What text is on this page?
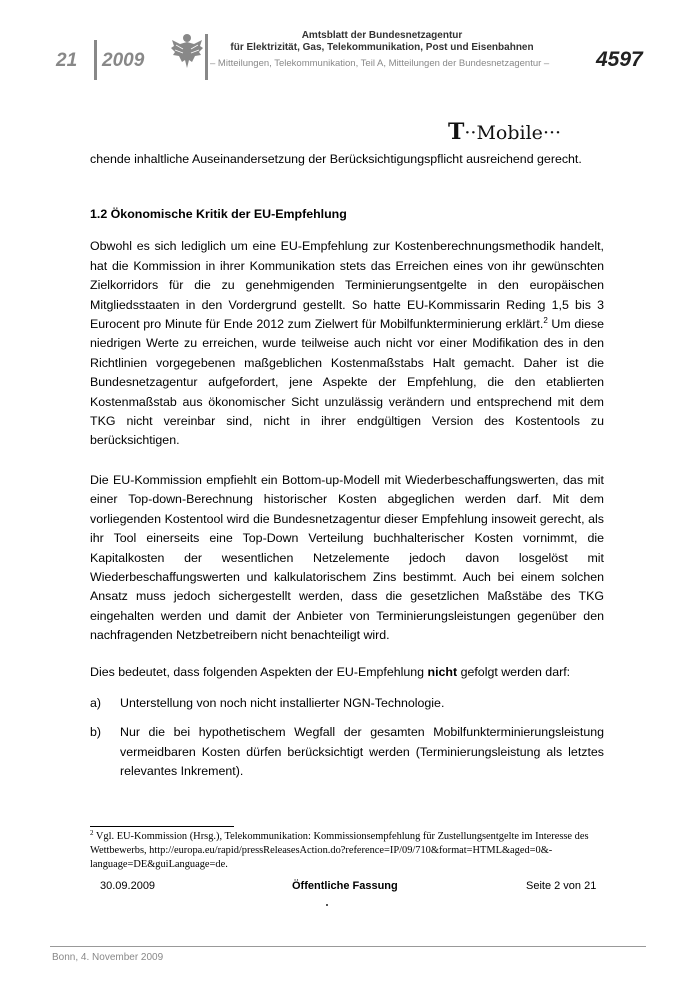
21 2009
Amtsblatt der Bundesnetzagentur
für Elektrizität, Gas, Telekommunikation, Post und Eisenbahnen
– Mitteilungen, Telekommunikation, Teil A, Mitteilungen der Bundesnetzagentur –	4597
T··Mobile···

chende inhaltliche Auseinandersetzung der Berücksichtigungspflicht ausreichend gerecht.

1.2 Ökonomische Kritik der EU-Empfehlung

Obwohl es sich lediglich um eine EU-Empfehlung zur Kostenberechnungsmethodik handelt, hat die Kommission in ihrer Kommunikation stets das Erreichen eines von ihr gewünschten Zielkorridors für die zu genehmigenden Terminierungsentgelte in den europäischen Mitgliedsstaaten in den Vordergrund gestellt. So hatte EU-Kommissarin Reding 1,5 bis 3 Eurocent pro Minute für Ende 2012 zum Zielwert für Mobilfunkterminierung erklärt.$^2$ Um diese niedrigen Werte zu erreichen, wurde teilweise auch nicht vor einer Modifikation des in den Richtlinien vorgegebenen maßgeblichen Kostenmaßstabs Halt gemacht. Daher ist die Bundesnetzagentur aufgefordert, jene Aspekte der Empfehlung, die den etablierten Kostenmaßstab aus ökonomischer Sicht unzulässig verändern und entsprechend mit dem TKG nicht vereinbar sind, nicht in ihrer endgültigen Version des Kostentools zu berücksichtigen.

Die EU-Kommission empfiehlt ein Bottom-up-Modell mit Wiederbeschaffungswerten, das mit einer Top-down-Berechnung historischer Kosten abgeglichen werden darf. Mit dem vorliegenden Kostentool wird die Bundesnetzagentur dieser Empfehlung insoweit gerecht, als ihr Tool einerseits eine Top-Down Verteilung buchhalterischer Kosten vornimmt, die Kapitalkosten der wesentlichen Netzelemente jedoch davon losgelöst mit Wiederbeschaffungswerten und kalkulatorischem Zins bestimmt. Auch bei einem solchen Ansatz muss jedoch sichergestellt werden, dass die gesetzlichen Maßstäbe des TKG eingehalten werden und damit der Anbieter von Terminierungsleistungen gegenüber den nachfragenden Netzbetreibern nicht benachteiligt wird.

Dies bedeutet, dass folgenden Aspekten der EU-Empfehlung nicht gefolgt werden darf:

a) Unterstellung von noch nicht installierter NGN-Technologie.
b) Nur die bei hypothetischem Wegfall der gesamten Mobilfunkterminierungsleistung vermeidbaren Kosten dürfen berücksichtigt werden (Terminierungsleistung als letztes relevantes Inkrement).
$^2$ Vgl. EU-Kommission (Hrsg.), Telekommunikation: Kommissionsempfehlung für Zustellungsentgelte im Interesse des Wettbewerbs, http://europa.eu/rapid/pressReleasesAction.do?reference=IP/09/710&format=HTML&aged=0&-language=DE&guiLanguage=de.
30.09.2009	Öffentliche Fassung	Seite 2 von 21
Bonn, 4. November 2009
